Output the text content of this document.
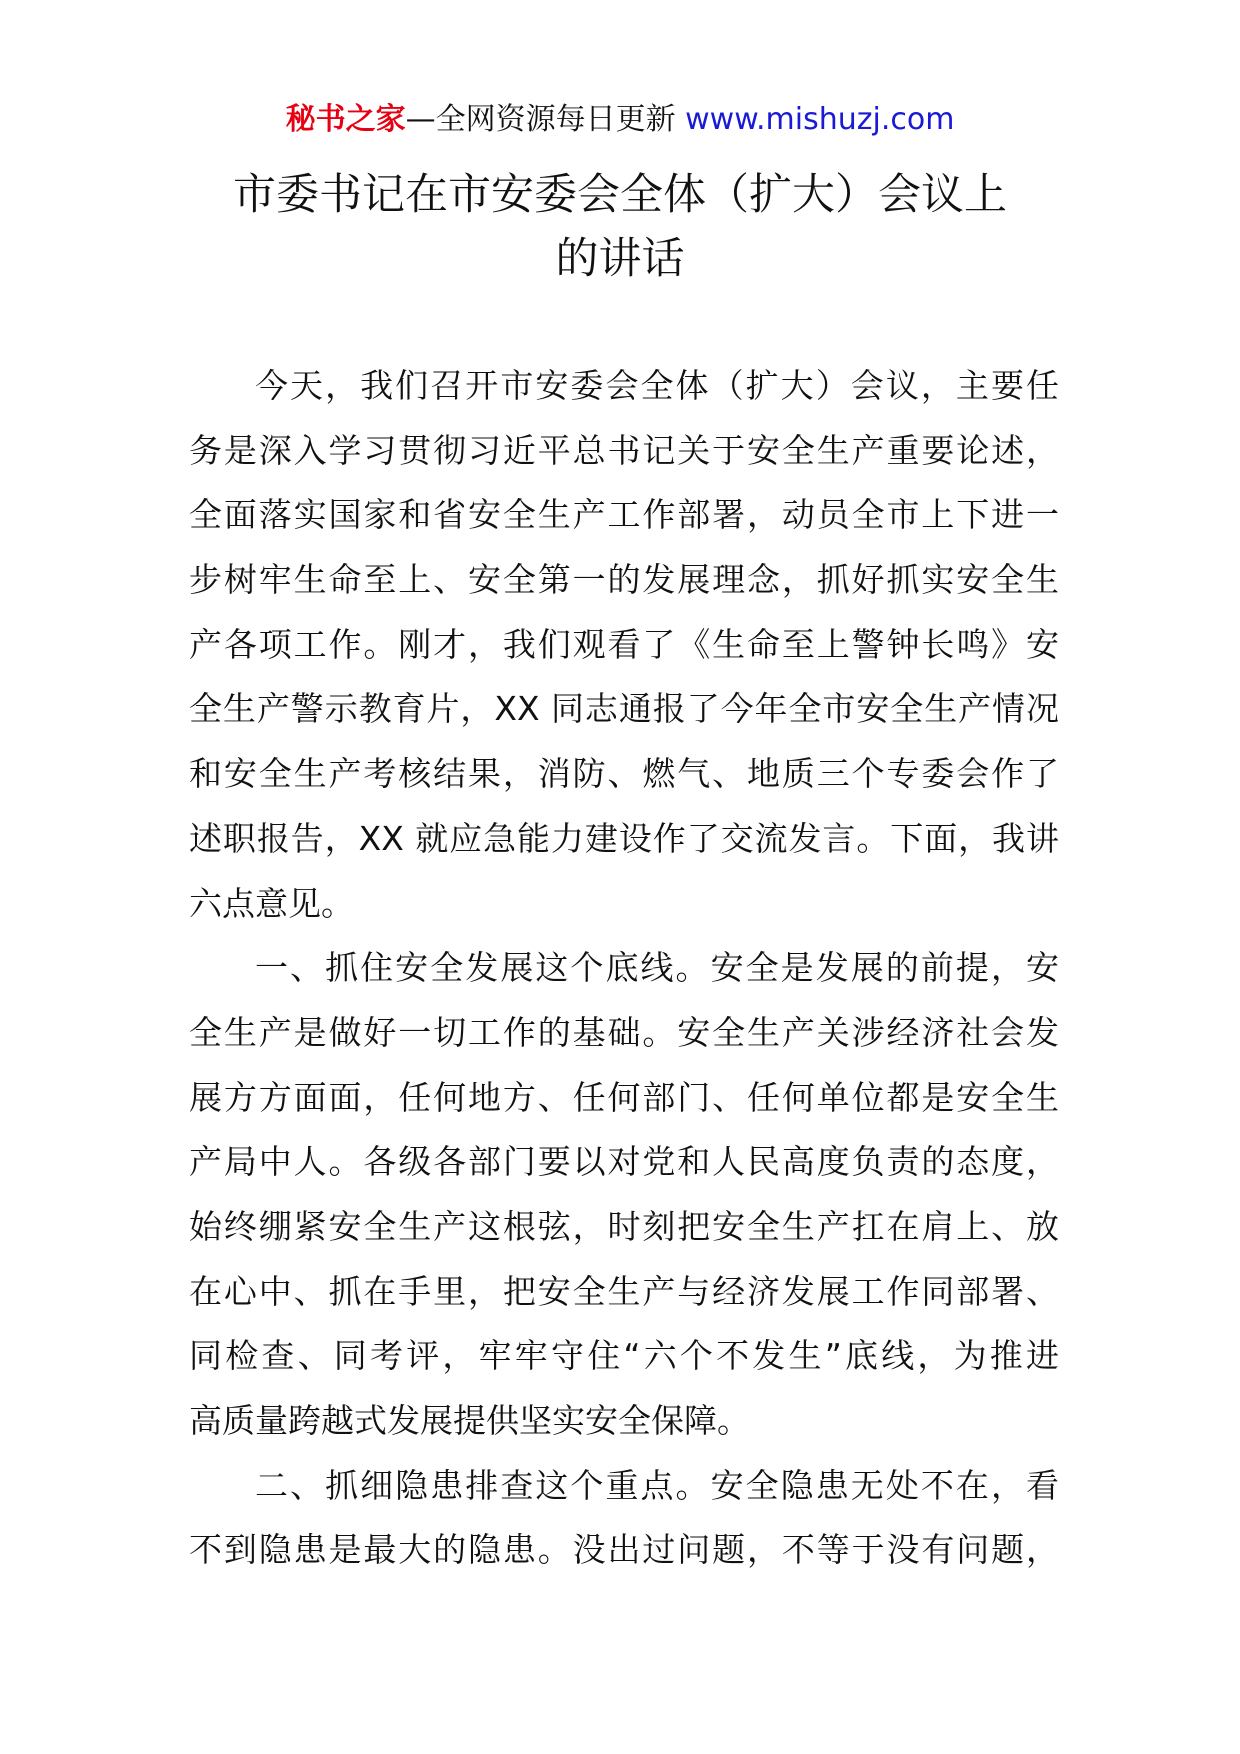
秘书之家—全网资源每日更新 www.mishuzj.com
市委书记在市安委会全体（扩大）会议上
的讲话
今天，我们召开市安委会全体（扩大）会议，主要任
务是深入学习贯彻习近平总书记关于安全生产重要论述，
全面落实国家和省安全生产工作部署，动员全市上下进一
步树牢生命至上、安全第一的发展理念，抓好抓实安全生
产各项工作。刚才，我们观看了《生命至上警钟长鸣》安
全生产警示教育片，XX 同志通报了今年全市安全生产情况
和安全生产考核结果，消防、燃气、地质三个专委会作了
述职报告，XX 就应急能力建设作了交流发言。下面，我讲
六点意见。
一、抓住安全发展这个底线。安全是发展的前提，安
全生产是做好一切工作的基础。安全生产关涉经济社会发
展方方面面，任何地方、任何部门、任何单位都是安全生
产局中人。各级各部门要以对党和人民高度负责的态度，
始终绷紧安全生产这根弦，时刻把安全生产扛在肩上、放
在心中、抓在手里，把安全生产与经济发展工作同部署、
同检查、同考评，牢牢守住“六个不发生”底线，为推进
高质量跨越式发展提供坚实安全保障。
二、抓细隐患排查这个重点。安全隐患无处不在，看
不到隐患是最大的隐患。没出过问题，不等于没有问题，
